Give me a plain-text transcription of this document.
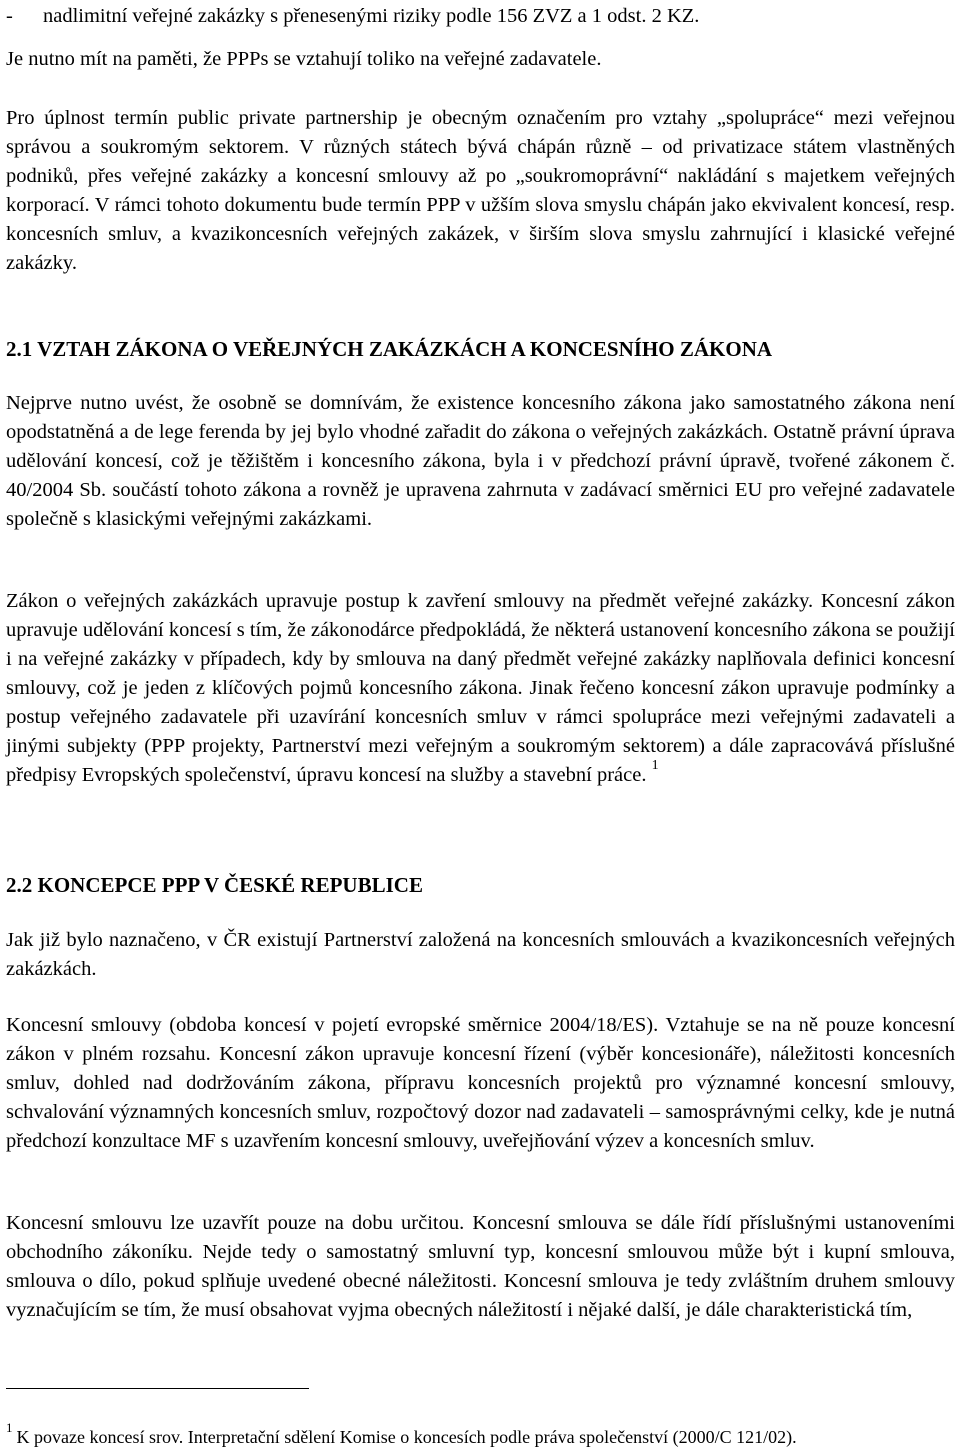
- nadlimitní veřejné zakázky s přenesenými riziky podle 156 ZVZ a 1 odst. 2 KZ.
Je nutno mít na paměti, že PPPs se vztahují toliko na veřejné zadavatele.
Pro úplnost termín public private partnership je obecným označením pro vztahy „spolupráce“ mezi veřejnou správou a soukromým sektorem. V různých státech bývá chápán různě – od privatizace státem vlastněných podniků, přes veřejné zakázky a koncesní smlouvy až po „soukromoprávní“ nakládání s majetkem veřejných korporací. V rámci tohoto dokumentu bude termín PPP v užším slova smyslu chápán jako ekvivalent koncesí, resp. koncesních smluv, a kvazikoncesních veřejných zakázek, v širším slova smyslu zahrnující i klasické veřejné zakázky.
2.1 VZTAH ZÁKONA O VEŘEJNÝCH ZAKÁZKÁCH A KONCESNÍHO ZÁKONA
Nejprve nutno uvést, že osobně se domnívám, že existence koncesního zákona jako samostatného zákona není opodstatněná a de lege ferenda by jej bylo vhodné zařadit do zákona o veřejných zakázkách. Ostatně právní úprava udělování koncesí, což je těžištěm i koncesního zákona, byla i v předchozí právní úpravě, tvořené zákonem č. 40/2004 Sb. součástí tohoto zákona a rovněž je upravena zahrnuta v zadávací směrnici EU pro veřejné zadavatele společně s klasickými veřejnými zakázkami.
Zákon o veřejných zakázkách upravuje postup k zavření smlouvy na předmět veřejné zakázky. Koncesní zákon upravuje udělování koncesí s tím, že zákonodárce předpokládá, že některá ustanovení koncesního zákona se použijí i na veřejné zakázky v případech, kdy by smlouva na daný předmět veřejné zakázky naplňovala definici koncesní smlouvy, což je jeden z klíčových pojmů koncesního zákona. Jinak řečeno koncesní zákon upravuje podmínky a postup veřejného zadavatele při uzavírání koncesních smluv v rámci spolupráce mezi veřejnými zadavateli a jinými subjekty (PPP projekty, Partnerství mezi veřejným a soukromým sektorem) a dále zapracovává příslušné předpisy Evropských společenství, úpravu koncesí na služby a stavební práce. $^1$
2.2 KONCEPCE PPP V ČESKÉ REPUBLICE
Jak již bylo naznačeno, v ČR existují Partnerství založená na koncesních smlouvách a kvazikoncesních veřejných zakázkách.
Koncesní smlouvy (obdoba koncesí v pojetí evropské směrnice 2004/18/ES). Vztahuje se na ně pouze koncesní zákon v plném rozsahu. Koncesní zákon upravuje koncesní řízení (výběr koncesionáře), náležitosti koncesních smluv, dohled nad dodržováním zákona, přípravu koncesních projektů pro významné koncesní smlouvy, schvalování významných koncesních smluv, rozpočtový dozor nad zadavateli – samosprávnými celky, kde je nutná předchozí konzultace MF s uzavřením koncesní smlouvy, uveřejňování výzev a koncesních smluv.
Koncesní smlouvu lze uzavřít pouze na dobu určitou. Koncesní smlouva se dále řídí příslušnými ustanoveními obchodního zákoníku. Nejde tedy o samostatný smluvní typ, koncesní smlouvou může být i kupní smlouva, smlouva o dílo, pokud splňuje uvedené obecné náležitosti. Koncesní smlouva je tedy zvláštním druhem smlouvy vyznačujícím se tím, že musí obsahovat vyjma obecných náležitostí i nějaké další, je dále charakteristická tím,
$^1$ K povaze koncesí srov. Interpretační sdělení Komise o koncesích podle práva společenství (2000/C 121/02).
